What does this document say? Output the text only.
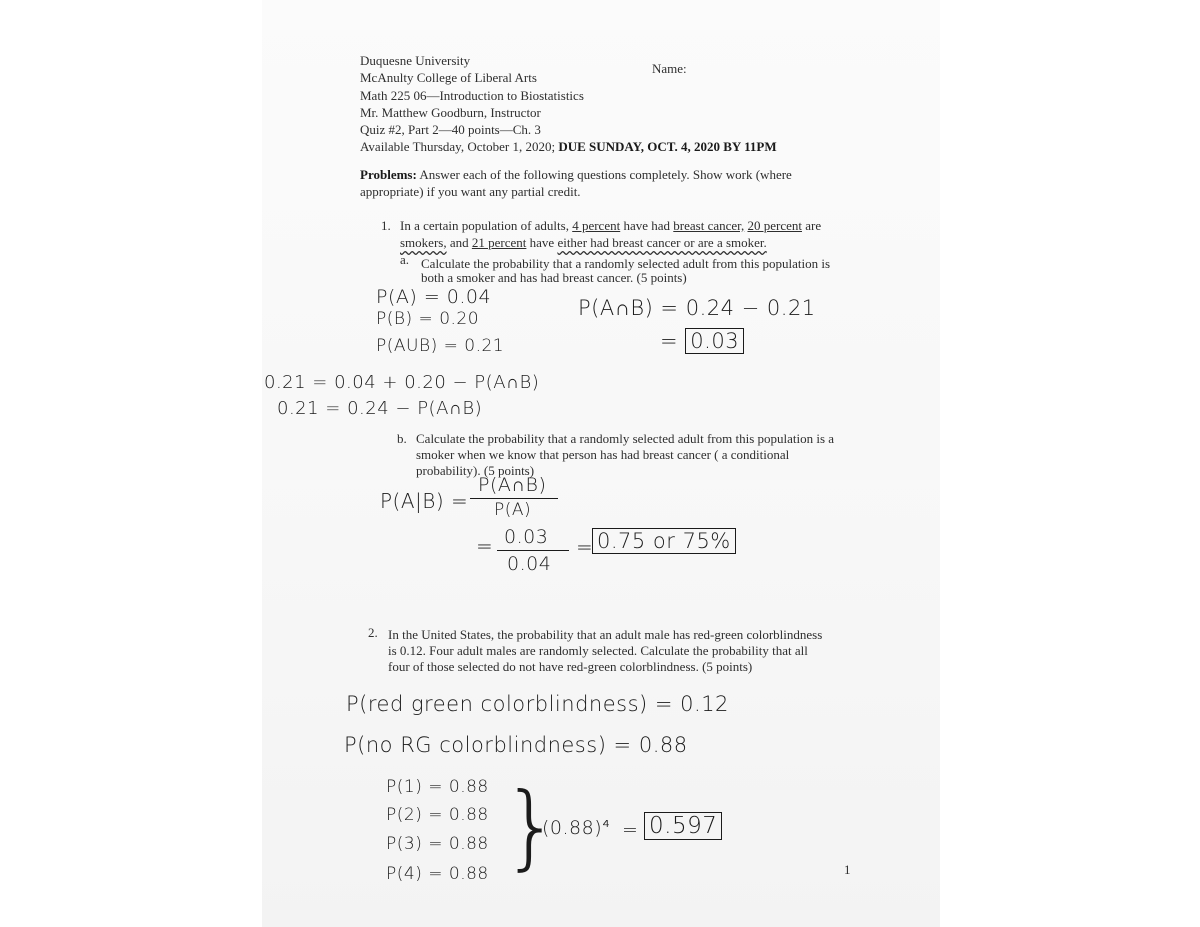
Duquesne University
McAnulty College of Liberal Arts
Math 225 06—Introduction to Biostatistics
Mr. Matthew Goodburn, Instructor
Quiz #2, Part 2—40 points—Ch. 3
Available Thursday, October 1, 2020; DUE SUNDAY, OCT. 4, 2020 BY 11PM
Name:
Problems: Answer each of the following questions completely. Show work (where
appropriate) if you want any partial credit.
1. In a certain population of adults, 4 percent have had breast cancer, 20 percent are
smokers, and 21 percent have either had breast cancer or are a smoker.
a. Calculate the probability that a randomly selected adult from this population is
both a smoker and has had breast cancer. (5 points)
P(A) = 0.04
P(B) = 0.20
P(AUB) = 0.21
P(A∩B) = 0.24 − 0.21
= 0.03
0.21 = 0.04 + 0.20 − P(A∩B)
0.21 = 0.24 − P(A∩B)
b. Calculate the probability that a randomly selected adult from this population is a
smoker when we know that person has had breast cancer ( a conditional
probability). (5 points)
P(A|B) =
P(A∩B)
P(A)
= 0.03
0.04
= 0.75 or 75%
2. In the United States, the probability that an adult male has red-green colorblindness
is 0.12. Four adult males are randomly selected. Calculate the probability that all
four of those selected do not have red-green colorblindness. (5 points)
P(red green colorblindness) = 0.12
P(no RG colorblindness) = 0.88
P(1) = 0.88
P(2) = 0.88
P(3) = 0.88
P(4) = 0.88 }
(0.88)⁴ = 0.597
1
